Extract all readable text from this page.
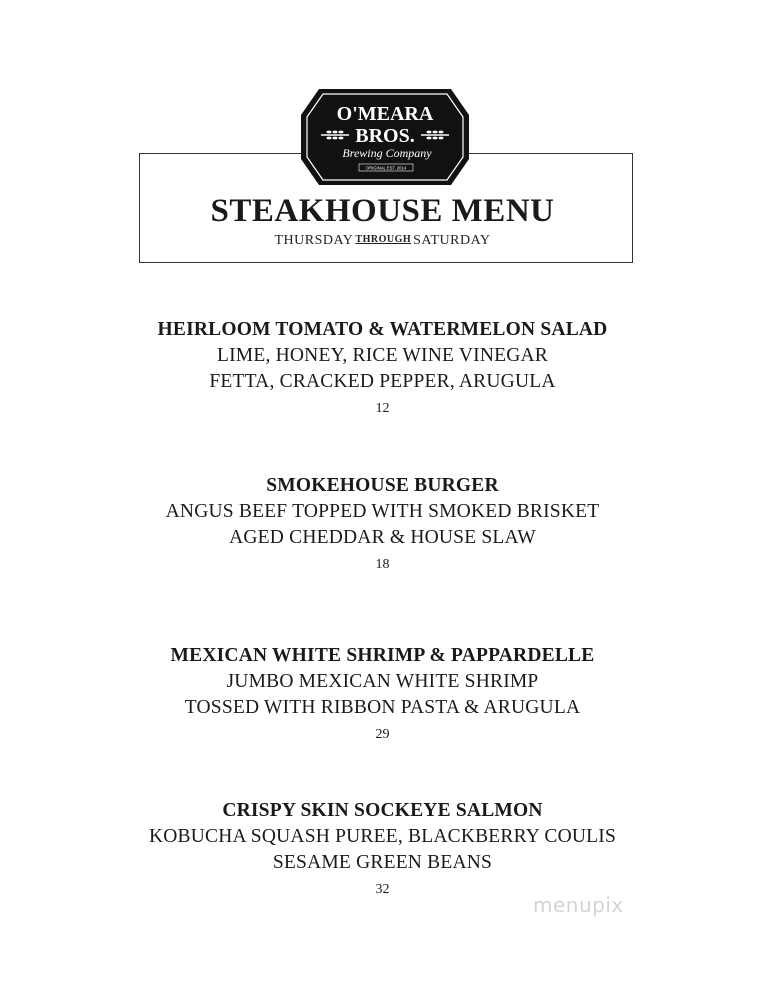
O'MEARA
BROS.
Brewing Company
ORIGINAL EST. 2014
STEAKHOUSE MENU
THURSDAY THROUGH SATURDAY
HEIRLOOM TOMATO & WATERMELON SALAD
LIME, HONEY, RICE WINE VINEGAR
FETTA, CRACKED PEPPER, ARUGULA
12
SMOKEHOUSE BURGER
ANGUS BEEF TOPPED WITH SMOKED BRISKET
AGED CHEDDAR & HOUSE SLAW
18
MEXICAN WHITE SHRIMP & PAPPARDELLE
JUMBO MEXICAN WHITE SHRIMP
TOSSED WITH RIBBON PASTA & ARUGULA
29
CRISPY SKIN SOCKEYE SALMON
KOBUCHA SQUASH PUREE, BLACKBERRY COULIS
SESAME GREEN BEANS
32
menupix
